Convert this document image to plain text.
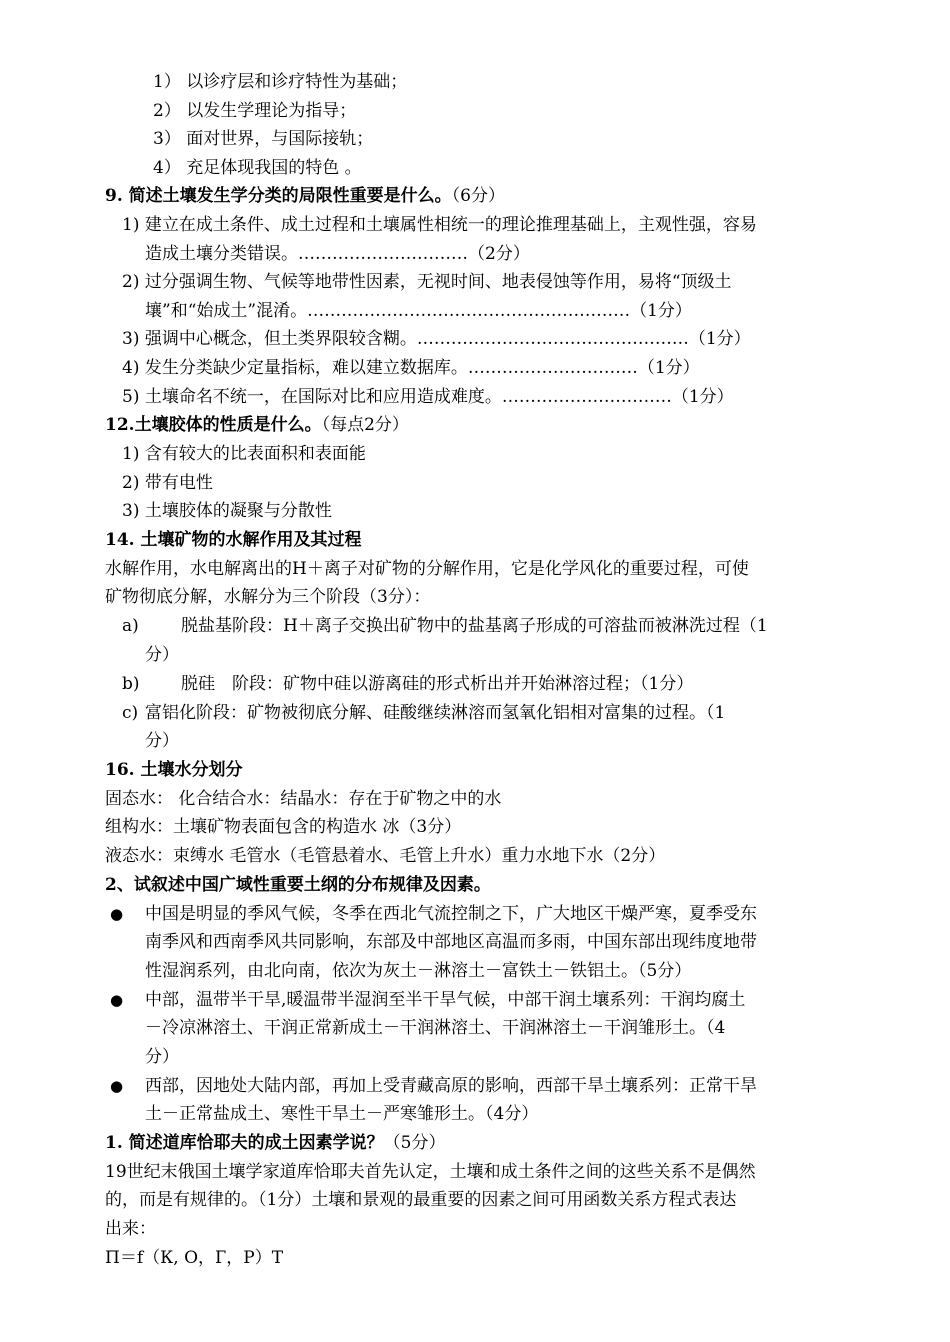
1） 以诊疗层和诊疗特性为基础；
2） 以发生学理论为指导；
3） 面对世界，与国际接轨；
4） 充足体现我国的特色 。
9. 简述土壤发生学分类的局限性重要是什么。（6分）
1) 建立在成土条件、成土过程和土壤属性相统一的理论推理基础上，主观性强，容易
造成土壤分类错误。…………………………（2分）
2) 过分强调生物、气候等地带性因素，无视时间、地表侵蚀等作用，易将“顶级土
壤”和“始成土”混淆。…………………………………………………（1分）
3) 强调中心概念，但土类界限较含糊。…………………………………………（1分）
4) 发生分类缺少定量指标，难以建立数据库。…………………………（1分）
5) 土壤命名不统一，在国际对比和应用造成难度。…………………………（1分）
12.土壤胶体的性质是什么。（每点2分）
1) 含有较大的比表面积和表面能
2) 带有电性
3) 土壤胶体的凝聚与分散性
14. 土壤矿物的水解作用及其过程
水解作用，水电解离出的H＋离子对矿物的分解作用，它是化学风化的重要过程，可使
矿物彻底分解，水解分为三个阶段（3分）：
a) 脱盐基阶段：H＋离子交换出矿物中的盐基离子形成的可溶盐而被淋洗过程（1
分）
b) 脱硅　阶段：矿物中硅以游离硅的形式析出并开始淋溶过程；（1分）
c) 富铝化阶段：矿物被彻底分解、硅酸继续淋溶而氢氧化铝相对富集的过程。（1
分）
16. 土壤水分划分
固态水： 化合结合水：结晶水：存在于矿物之中的水
组构水：土壤矿物表面包含的构造水 冰（3分）
液态水：束缚水 毛管水（毛管悬着水、毛管上升水）重力水地下水（2分）
2、试叙述中国广域性重要土纲的分布规律及因素。
● 中国是明显的季风气候，冬季在西北气流控制之下，广大地区干燥严寒，夏季受东
南季风和西南季风共同影响，东部及中部地区高温而多雨，中国东部出现纬度地带
性湿润系列，由北向南，依次为灰土－淋溶土－富铁土－铁铝土。（5分）
● 中部，温带半干旱,暖温带半湿润至半干旱气候，中部干润土壤系列：干润均腐土
－冷凉淋溶土、干润正常新成土－干润淋溶土、干润淋溶土－干润雏形土。（4
分）
● 西部，因地处大陆内部，再加上受青藏高原的影响，西部干旱土壤系列：正常干旱
土－正常盐成土、寒性干旱土－严寒雏形土。（4分）
1. 简述道库恰耶夫的成土因素学说？（5分）
19世纪末俄国土壤学家道库恰耶夫首先认定，土壤和成土条件之间的这些关系不是偶然
的，而是有规律的。（1分）土壤和景观的最重要的因素之间可用函数关系方程式表达
出来：
Π＝f（К, О，Г，Р）Т
